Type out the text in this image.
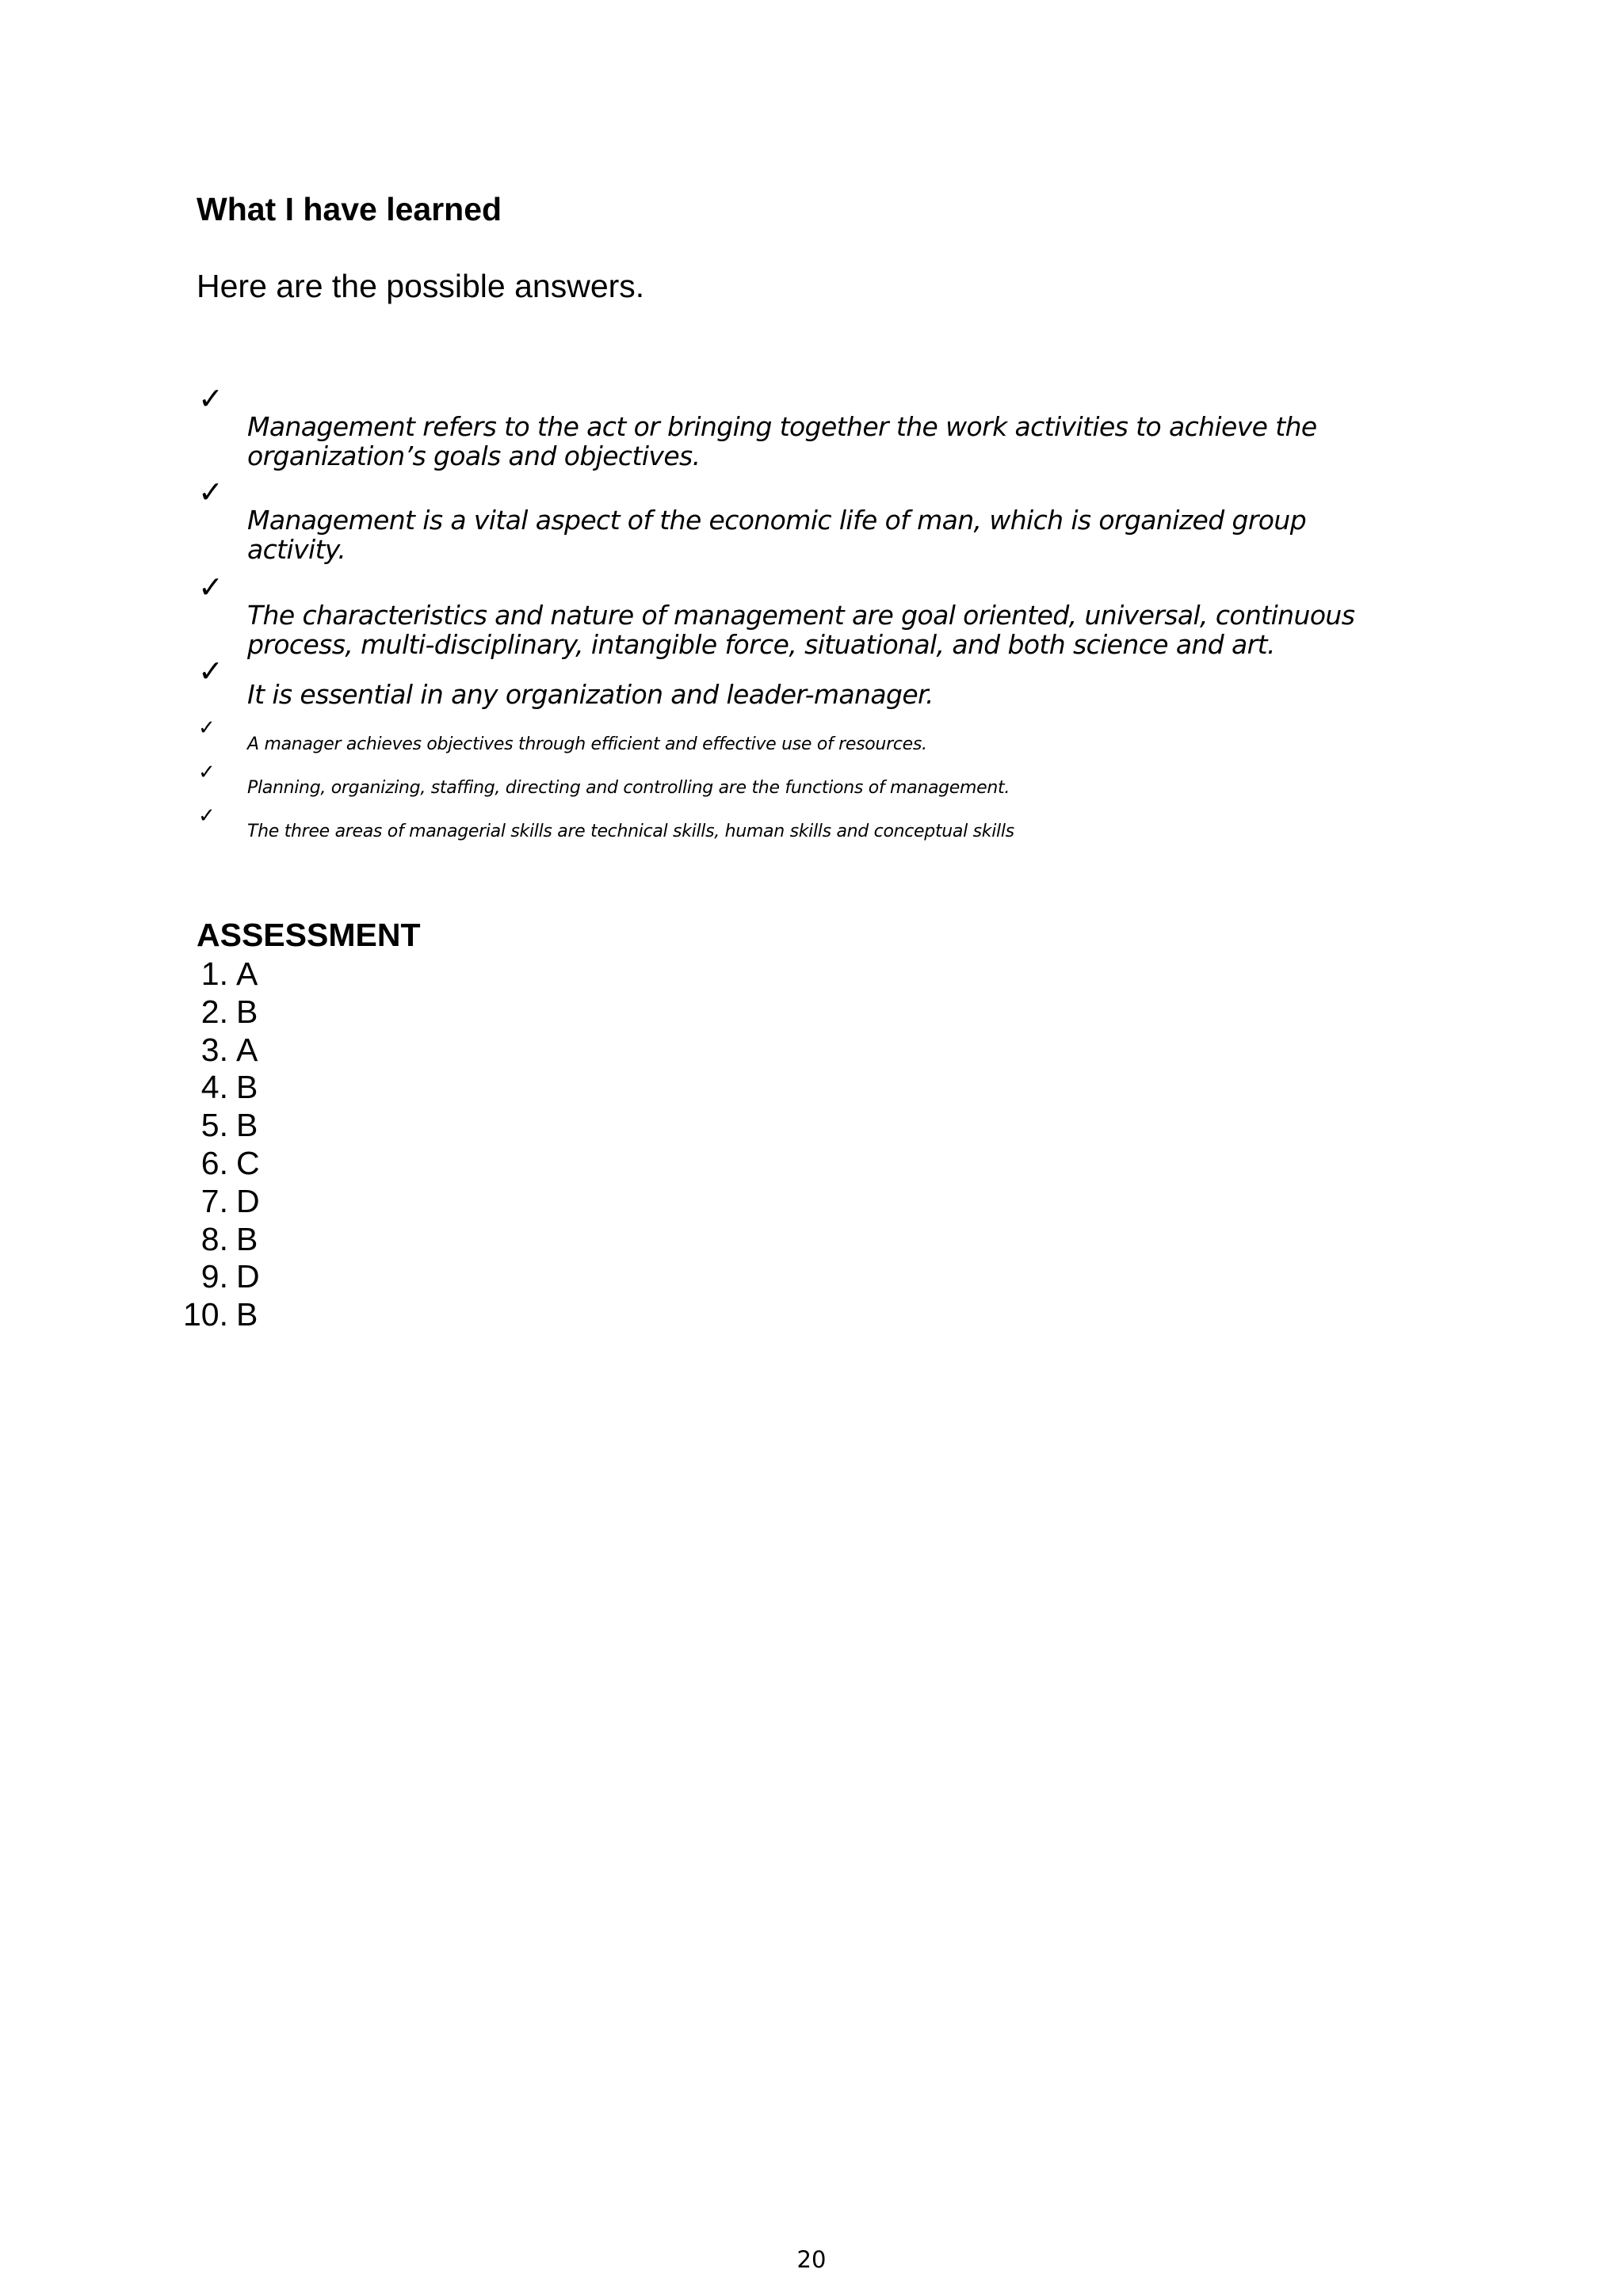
What I have learned
Here are the possible answers.
✓
Management refers to the act or bringing together the work activities to achieve the organization’s goals and objectives.
✓
Management is a vital aspect of the economic life of man, which is organized group activity.
✓
The characteristics and nature of management are goal oriented, universal, continuous process, multi-disciplinary, intangible force, situational, and both science and art.
✓
It is essential in any organization and leader-manager.
✓
A manager achieves objectives through efficient and effective use of resources.
✓
Planning, organizing, staffing, directing and controlling are the functions of management.
✓
The three areas of managerial skills are technical skills, human skills and conceptual skills
ASSESSMENT
1. A
2. B
3. A
4. B
5. B
6. C
7. D
8. B
9. D
10. B
20
